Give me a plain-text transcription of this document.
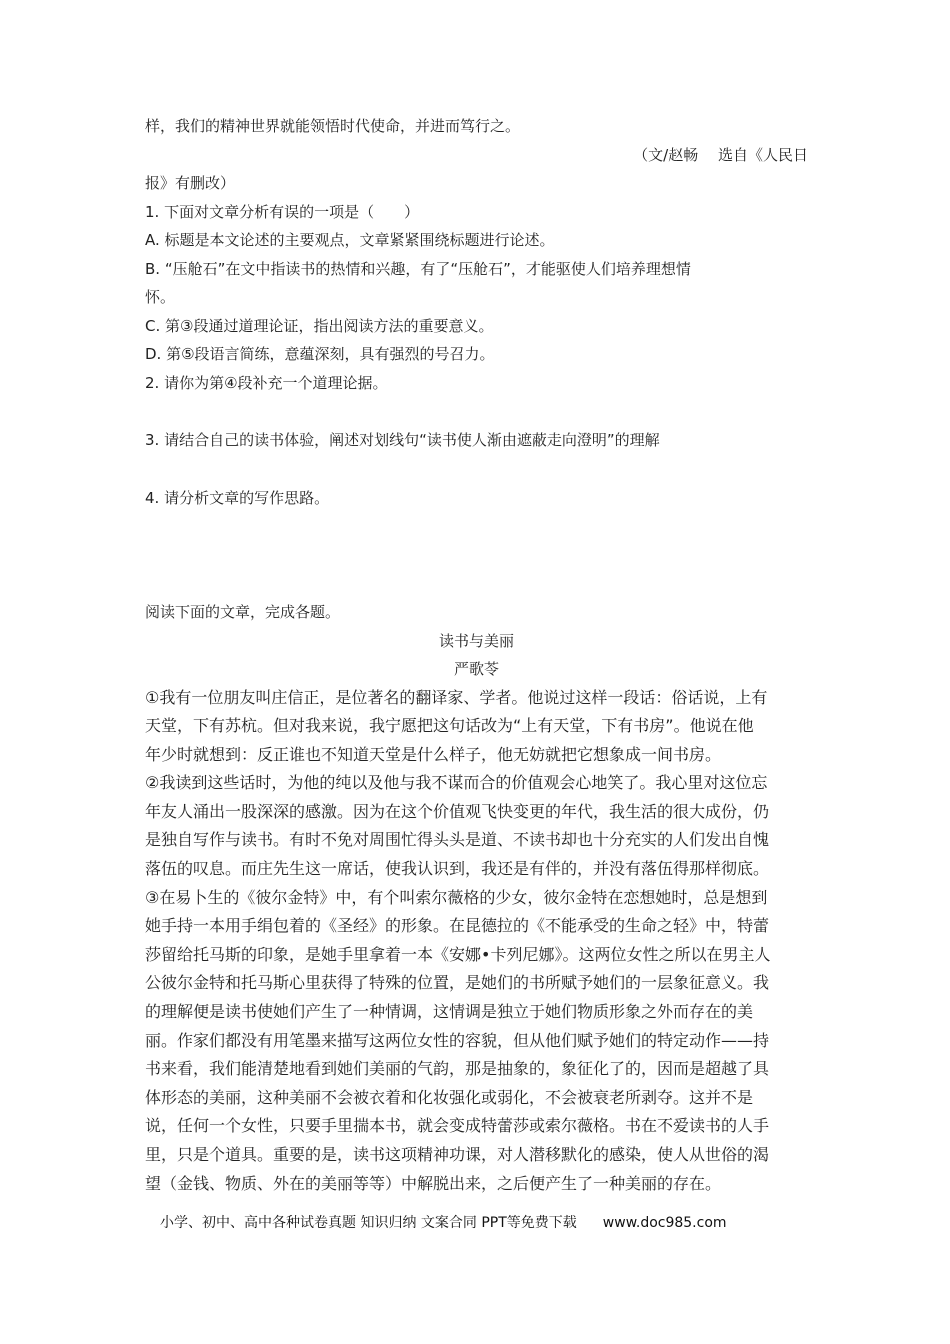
样，我们的精神世界就能领悟时代使命，并进而笃行之。

（文/赵畅　 选自《人民日

报》有删改）

1. 下面对文章分析有误的一项是（　　）

A. 标题是本文论述的主要观点，文章紧紧围绕标题进行论述。

B. “压舱石”在文中指读书的热情和兴趣，有了“压舱石”，才能驱使人们培养理想情

怀。

C. 第③段通过道理论证，指出阅读方法的重要意义。

D. 第⑤段语言简练，意蕴深刻，具有强烈的号召力。

2. 请你为第④段补充一个道理论据。

3. 请结合自己的读书体验，阐述对划线句“读书使人渐由遮蔽走向澄明”的理解

4. 请分析文章的写作思路。

阅读下面的文章，完成各题。

读书与美丽

严歌苓

①我有一位朋友叫庄信正，是位著名的翻译家、学者。他说过这样一段话：俗话说，上有

天堂，下有苏杭。但对我来说，我宁愿把这句话改为“上有天堂，下有书房”。他说在他

年少时就想到：反正谁也不知道天堂是什么样子，他无妨就把它想象成一间书房。

②我读到这些话时，为他的纯以及他与我不谋而合的价值观会心地笑了。我心里对这位忘

年友人涌出一股深深的感激。因为在这个价值观飞快变更的年代，我生活的很大成份，仍

是独自写作与读书。有时不免对周围忙得头头是道、不读书却也十分充实的人们发出自愧

落伍的叹息。而庄先生这一席话，使我认识到，我还是有伴的，并没有落伍得那样彻底。

③在易卜生的《彼尔金特》中，有个叫索尔薇格的少女，彼尔金特在恋想她时，总是想到

她手持一本用手绢包着的《圣经》的形象。在昆德拉的《不能承受的生命之轻》中，特蕾

莎留给托马斯的印象，是她手里拿着一本《安娜•卡列尼娜》。这两位女性之所以在男主人

公彼尔金特和托马斯心里获得了特殊的位置，是她们的书所赋予她们的一层象征意义。我

的理解便是读书使她们产生了一种情调，这情调是独立于她们物质形象之外而存在的美

丽。作家们都没有用笔墨来描写这两位女性的容貌，但从他们赋予她们的特定动作——持

书来看，我们能清楚地看到她们美丽的气韵，那是抽象的，象征化了的，因而是超越了具

体形态的美丽，这种美丽不会被衣着和化妆强化或弱化，不会被衰老所剥夺。这并不是

说，任何一个女性，只要手里揣本书，就会变成特蕾莎或索尔薇格。书在不爱读书的人手

里，只是个道具。重要的是，读书这项精神功课，对人潜移默化的感染，使人从世俗的渴

望（金钱、物质、外在的美丽等等）中解脱出来，之后便产生了一种美丽的存在。

小学、初中、高中各种试卷真题 知识归纳 文案合同 PPT等免费下载 www.doc985.com
